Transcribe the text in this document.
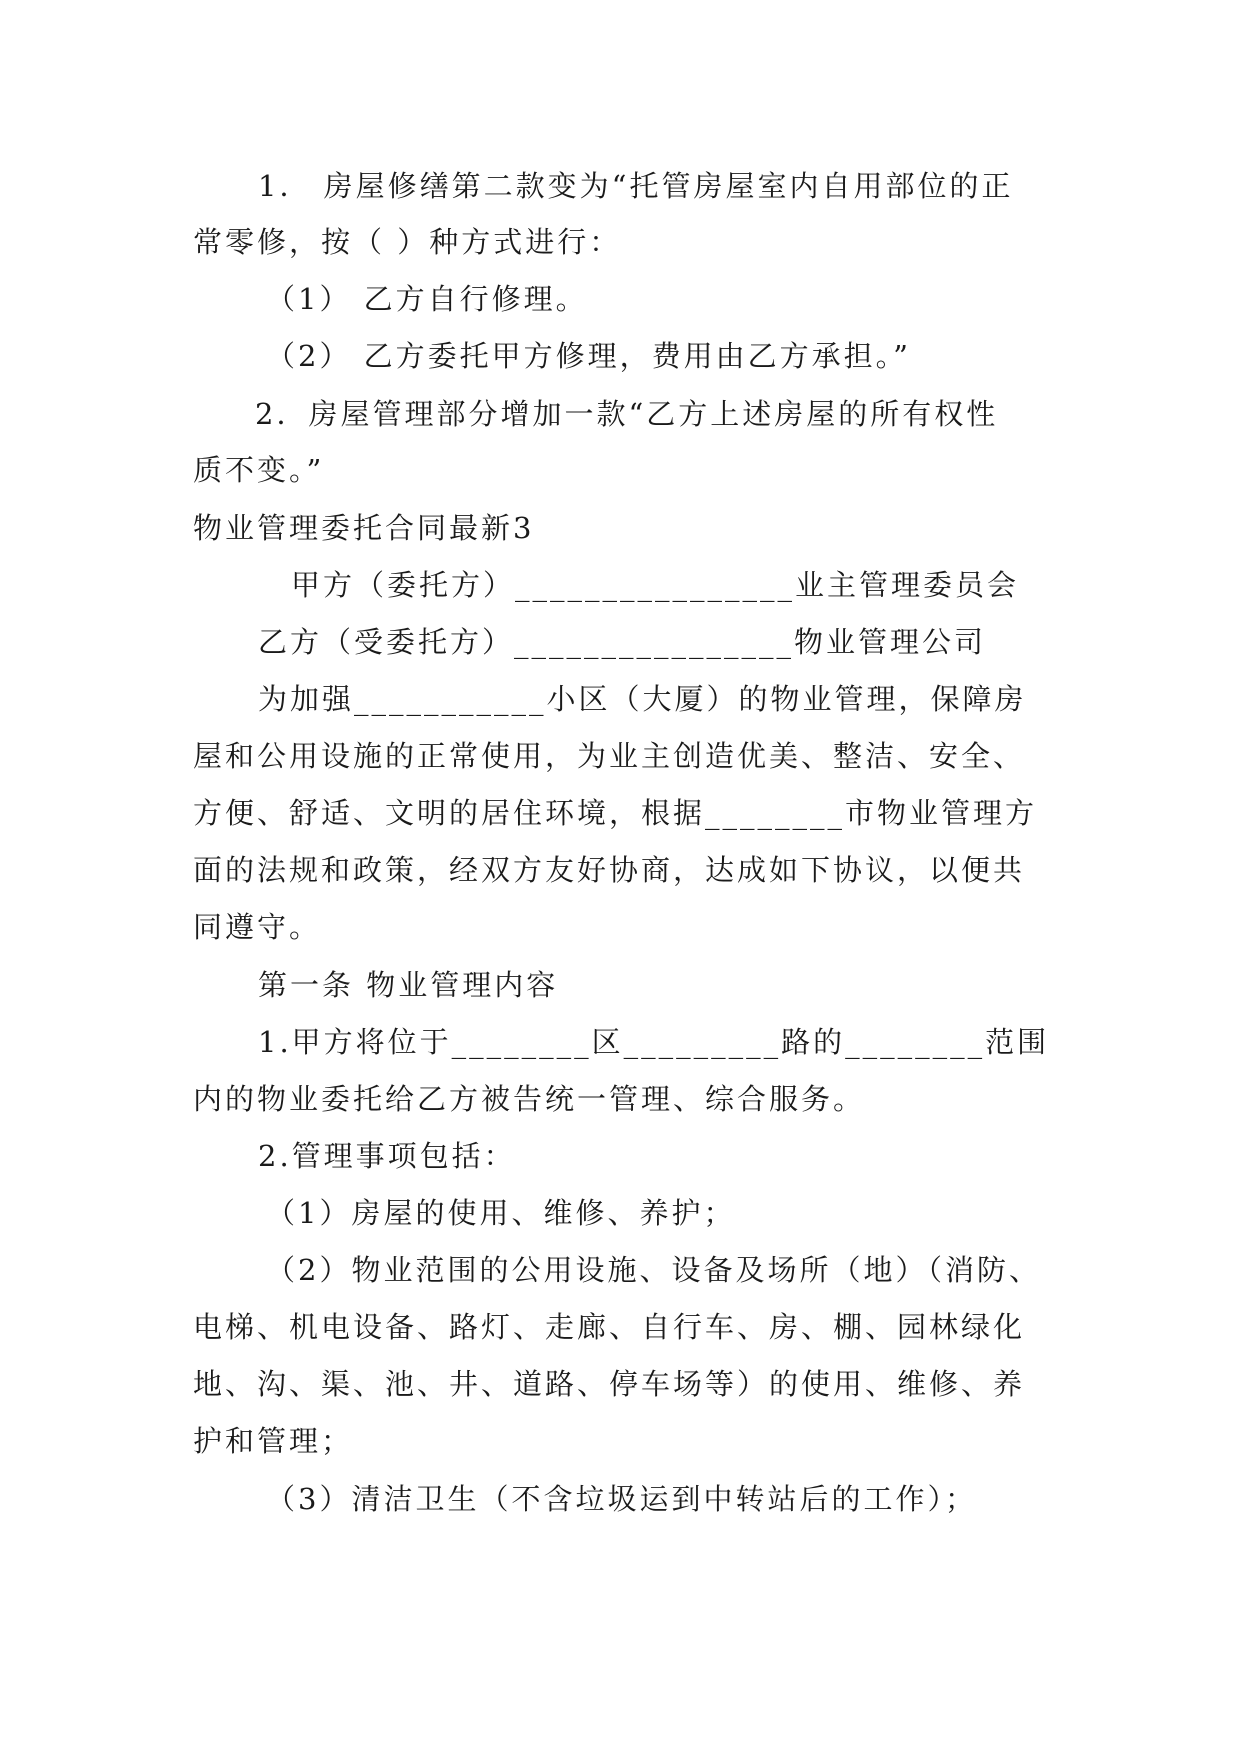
1． 房屋修缮第二款变为“托管房屋室内自用部位的正
常零修，按（ ）种方式进行：
（1） 乙方自行修理。
（2） 乙方委托甲方修理，费用由乙方承担。”
2．房屋管理部分增加一款“乙方上述房屋的所有权性
质不变。”
物业管理委托合同最新3
甲方（委托方）________________业主管理委员会
乙方（受委托方）________________物业管理公司
为加强___________小区（大厦）的物业管理，保障房
屋和公用设施的正常使用，为业主创造优美、整洁、安全、
方便、舒适、文明的居住环境，根据________市物业管理方
面的法规和政策，经双方友好协商，达成如下协议，以便共
同遵守。
第一条 物业管理内容
1.甲方将位于________区_________路的________范围
内的物业委托给乙方被告统一管理、综合服务。
2.管理事项包括：
（1）房屋的使用、维修、养护；
（2）物业范围的公用设施、设备及场所（地）（消防、
电梯、机电设备、路灯、走廊、自行车、房、棚、园林绿化
地、沟、渠、池、井、道路、停车场等）的使用、维修、养
护和管理；
（3）清洁卫生（不含垃圾运到中转站后的工作）；
